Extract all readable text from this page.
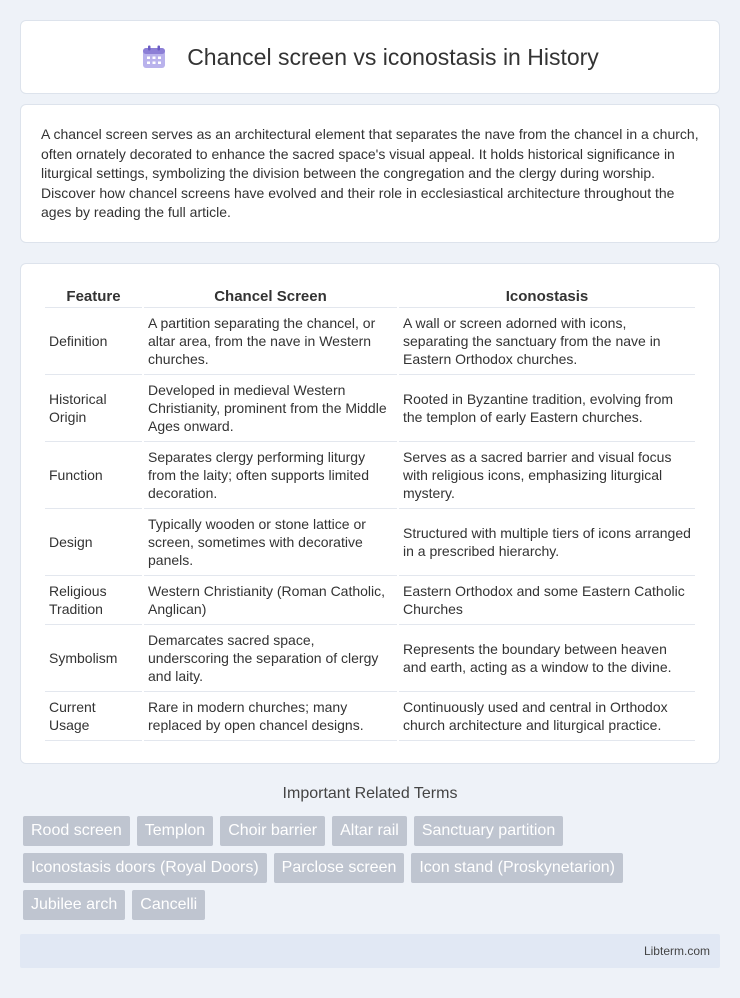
Chancel screen vs iconostasis in History

A chancel screen serves as an architectural element that separates the nave from the chancel in a church, often ornately decorated to enhance the sacred space's visual appeal. It holds historical significance in liturgical settings, symbolizing the division between the congregation and the clergy during worship. Discover how chancel screens have evolved and their role in ecclesiastical architecture throughout the ages by reading the full article.

Feature	Chancel Screen	Iconostasis
Definition	A partition separating the chancel, or altar area, from the nave in Western churches.	A wall or screen adorned with icons, separating the sanctuary from the nave in Eastern Orthodox churches.
Historical Origin	Developed in medieval Western Christianity, prominent from the Middle Ages onward.	Rooted in Byzantine tradition, evolving from the templon of early Eastern churches.
Function	Separates clergy performing liturgy from the laity; often supports limited decoration.	Serves as a sacred barrier and visual focus with religious icons, emphasizing liturgical mystery.
Design	Typically wooden or stone lattice or screen, sometimes with decorative panels.	Structured with multiple tiers of icons arranged in a prescribed hierarchy.
Religious Tradition	Western Christianity (Roman Catholic, Anglican)	Eastern Orthodox and some Eastern Catholic Churches
Symbolism	Demarcates sacred space, underscoring the separation of clergy and laity.	Represents the boundary between heaven and earth, acting as a window to the divine.
Current Usage	Rare in modern churches; many replaced by open chancel designs.	Continuously used and central in Orthodox church architecture and liturgical practice.
Important Related Terms
Rood screen	Templon	Choir barrier	Altar rail	Sanctuary partition
Iconostasis doors (Royal Doors)	Parclose screen	Icon stand (Proskynetarion)
Jubilee arch	Cancelli
Libterm.com
